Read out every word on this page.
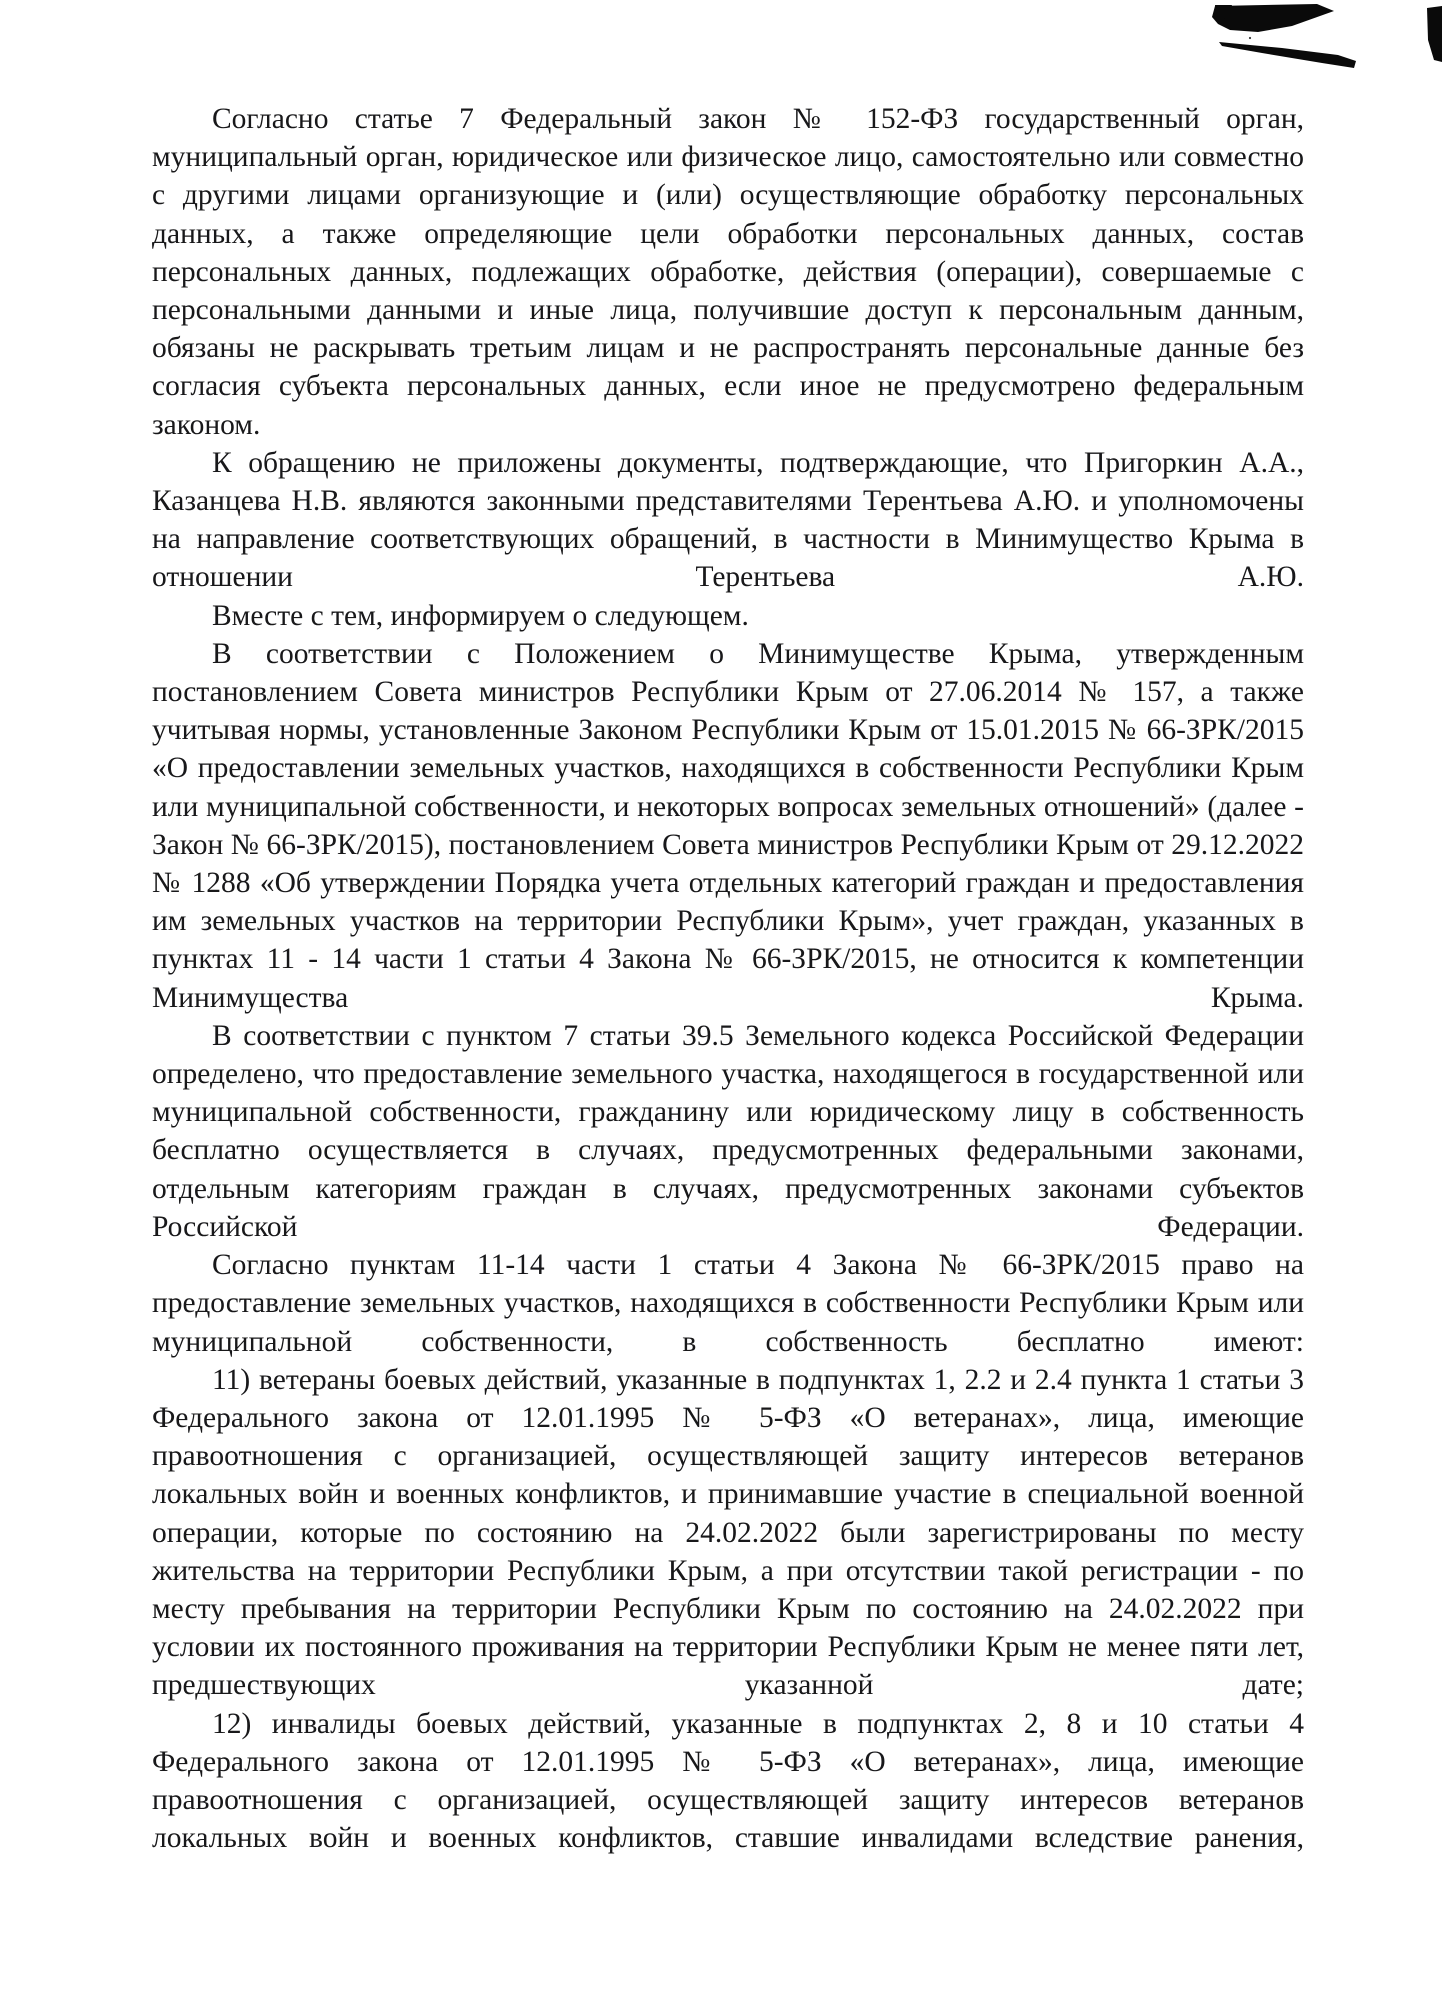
Согласно статье 7 Федеральный закон № 152-ФЗ государственный орган, муниципальный орган, юридическое или физическое лицо, самостоятельно или совместно с другими лицами организующие и (или) осуществляющие обработку персональных данных, а также определяющие цели обработки персональных данных, состав персональных данных, подлежащих обработке, действия (операции), совершаемые с персональными данными и иные лица, получившие доступ к персональным данным, обязаны не раскрывать третьим лицам и не распространять персональные данные без согласия субъекта персональных данных, если иное не предусмотрено федеральным законом.

К обращению не приложены документы, подтверждающие, что Пригоркин А.А., Казанцева Н.В. являются законными представителями Терентьева А.Ю. и уполномочены на направление соответствующих обращений, в частности в Минимущество Крыма в отношении Терентьева А.Ю.

Вместе с тем, информируем о следующем.

В соответствии с Положением о Минимуществе Крыма, утвержденным постановлением Совета министров Республики Крым от 27.06.2014 № 157, а также учитывая нормы, установленные Законом Республики Крым от 15.01.2015 № 66-ЗРК/2015 «О предоставлении земельных участков, находящихся в собственности Республики Крым или муниципальной собственности, и некоторых вопросах земельных отношений» (далее - Закон № 66-ЗРК/2015), постановлением Совета министров Республики Крым от 29.12.2022 № 1288 «Об утверждении Порядка учета отдельных категорий граждан и предоставления им земельных участков на территории Республики Крым», учет граждан, указанных в пунктах 11 - 14 части 1 статьи 4 Закона № 66-ЗРК/2015, не относится к компетенции Минимущества Крыма.

В соответствии с пунктом 7 статьи 39.5 Земельного кодекса Российской Федерации определено, что предоставление земельного участка, находящегося в государственной или муниципальной собственности, гражданину или юридическому лицу в собственность бесплатно осуществляется в случаях, предусмотренных федеральными законами, отдельным категориям граждан в случаях, предусмотренных законами субъектов Российской Федерации.

Согласно пунктам 11-14 части 1 статьи 4 Закона № 66-ЗРК/2015 право на предоставление земельных участков, находящихся в собственности Республики Крым или муниципальной собственности, в собственность бесплатно имеют:

11) ветераны боевых действий, указанные в подпунктах 1, 2.2 и 2.4 пункта 1 статьи 3 Федерального закона от 12.01.1995 № 5-ФЗ «О ветеранах», лица, имеющие правоотношения с организацией, осуществляющей защиту интересов ветеранов локальных войн и военных конфликтов, и принимавшие участие в специальной военной операции, которые по состоянию на 24.02.2022 были зарегистрированы по месту жительства на территории Республики Крым, а при отсутствии такой регистрации - по месту пребывания на территории Республики Крым по состоянию на 24.02.2022 при условии их постоянного проживания на территории Республики Крым не менее пяти лет, предшествующих указанной дате;

12) инвалиды боевых действий, указанные в подпунктах 2, 8 и 10 статьи 4 Федерального закона от 12.01.1995 № 5-ФЗ «О ветеранах», лица, имеющие правоотношения с организацией, осуществляющей защиту интересов ветеранов локальных войн и военных конфликтов, ставшие инвалидами вследствие ранения,
